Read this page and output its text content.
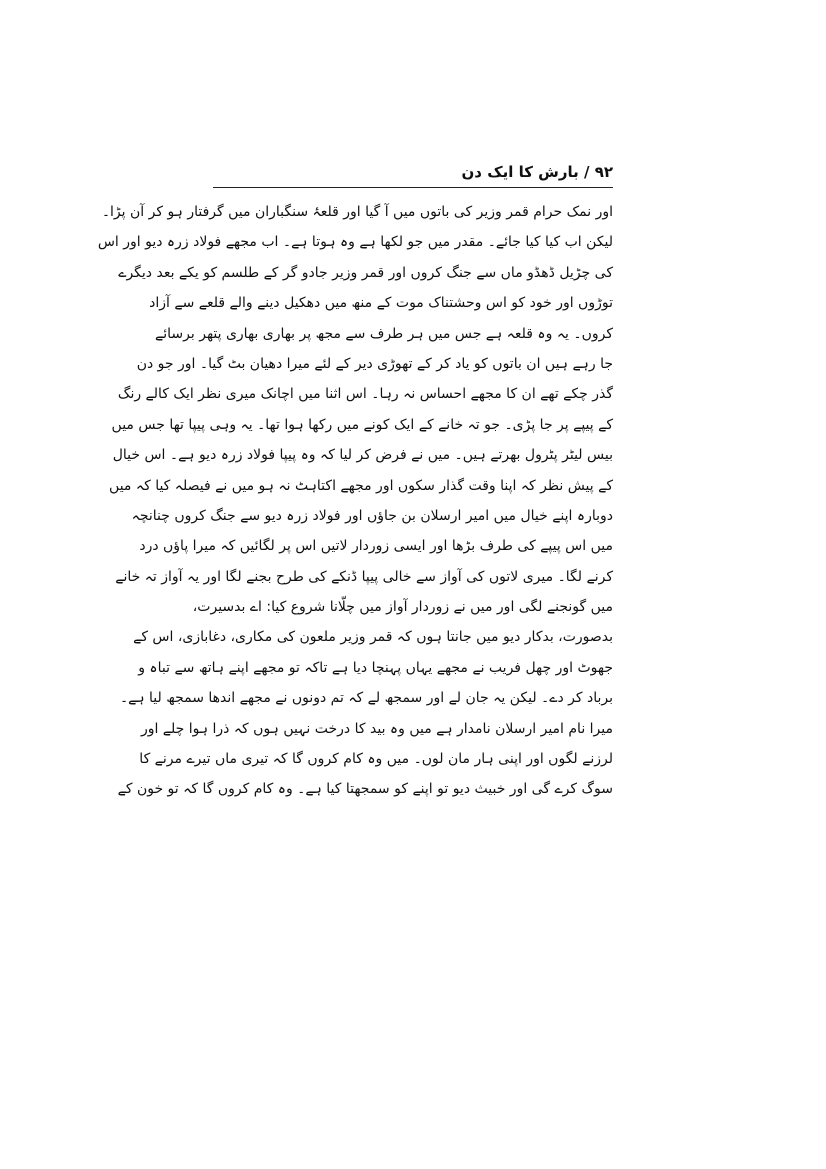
۹۲ / بارش کا ایک دن
اور نمک حرام قمر وزیر کی باتوں میں آ گیا اور قلعۂ سنگباران میں گرفتار ہو کر آن پڑا۔
لیکن اب کیا کیا جائے۔ مقدر میں جو لکھا ہے وہ ہوتا ہے۔ اب مجھے فولاد زرہ دیو اور اس
کی چڑیل ڈھڈو ماں سے جنگ کروں اور قمر وزیر جادو گر کے طلسم کو یکے بعد دیگرے
توڑوں اور خود کو اس وحشتناک موت کے منھ میں دھکیل دینے والے قلعے سے آزاد
کروں۔ یہ وہ قلعہ ہے جس میں ہر طرف سے مجھ پر بھاری بھاری پتھر برسائے
جا رہے ہیں ان باتوں کو یاد کر کے تھوڑی دیر کے لئے میرا دھیان بٹ گیا۔ اور جو دن
گذر چکے تھے ان کا مجھے احساس نہ رہا۔ اس اثنا میں اچانک میری نظر ایک کالے رنگ
کے پیپے پر جا پڑی۔ جو تہ خانے کے ایک کونے میں رکھا ہوا تھا۔ یہ وہی پیپا تھا جس میں
بیس لیٹر پٹرول بھرتے ہیں۔ میں نے فرض کر لیا کہ وہ پیپا فولاد زرہ دیو ہے۔ اس خیال
کے پیش نظر کہ اپنا وقت گذار سکوں اور مجھے اکتاہٹ نہ ہو میں نے فیصلہ کیا کہ میں
دوبارہ اپنے خیال میں امیر ارسلان بن جاؤں اور فولاد زرہ دیو سے جنگ کروں چنانچہ
میں اس پیپے کی طرف بڑھا اور ایسی زوردار لاتیں اس پر لگائیں کہ میرا پاؤں درد
کرنے لگا۔ میری لاتوں کی آواز سے خالی پیپا ڈنکے کی طرح بجنے لگا اور یہ آواز تہ خانے
میں گونجنے لگی اور میں نے زوردار آواز میں چلّانا شروع کیا: اے بدسیرت،
بدصورت، بدکار دیو میں جانتا ہوں کہ قمر وزیر ملعون کی مکاری، دغابازی، اس کے
جھوٹ اور چھل فریب نے مجھے یہاں پہنچا دیا ہے تاکہ تو مجھے اپنے ہاتھ سے تباہ و
برباد کر دے۔ لیکن یہ جان لے اور سمجھ لے کہ تم دونوں نے مجھے اندھا سمجھ لیا ہے۔
میرا نام امیر ارسلان نامدار ہے میں وہ بید کا درخت نہیں ہوں کہ ذرا ہوا چلے اور
لرزنے لگوں اور اپنی ہار مان لوں۔ میں وہ کام کروں گا کہ تیری ماں تیرے مرنے کا
سوگ کرے گی اور خبیث دیو تو اپنے کو سمجھتا کیا ہے۔ وہ کام کروں گا کہ تو خون کے
